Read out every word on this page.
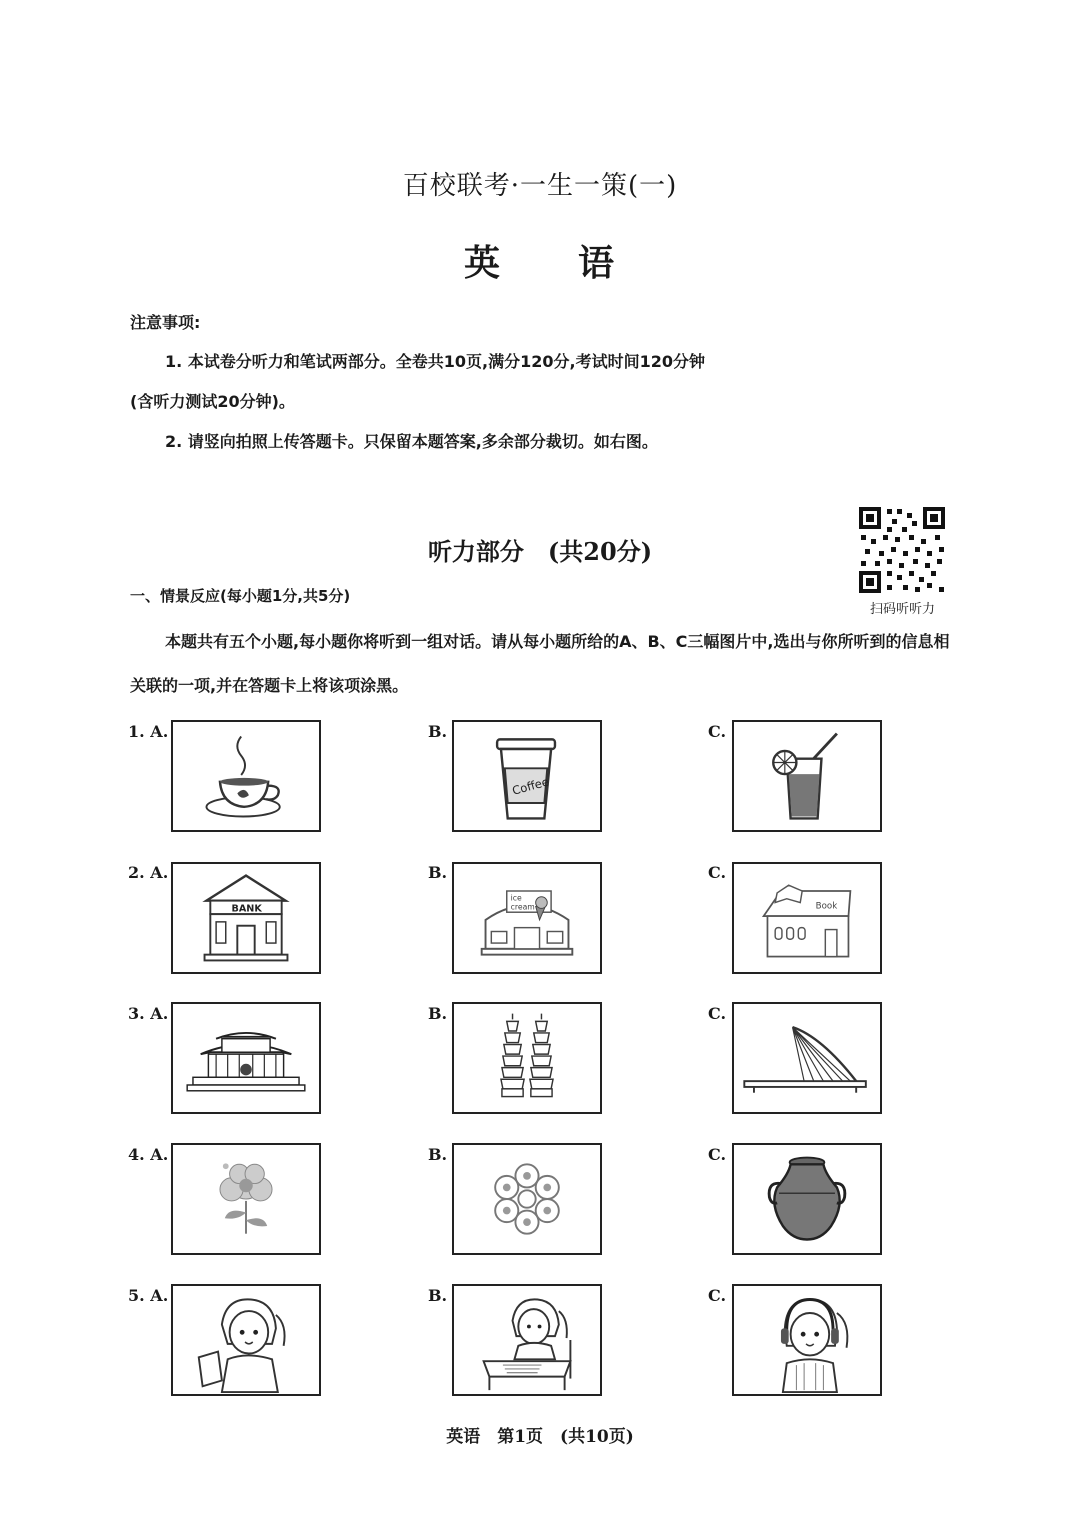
百校联考·一生一策(一)
英　　语
注意事项:
1. 本试卷分听力和笔试两部分。全卷共10页,满分120分,考试时间120分钟(含听力测试20分钟)。
2. 请竖向拍照上传答题卡。只保留本题答案,多余部分裁切。如右图。
扫码听听力
听力部分　(共20分)
一、情景反应(每小题1分,共5分)
本题共有五个小题,每小题你将听到一组对话。请从每小题所给的A、B、C三幅图片中,选出与你所听到的信息相关联的一项,并在答题卡上将该项涂黑。
1. A.	B.
Coffee
C.
2. A.
BANK
B.
ice
cream
C.
Book
3. A.	B.	C.
4. A.	B.	C.
5. A.	B.	C.
英语　第1页　(共10页)
